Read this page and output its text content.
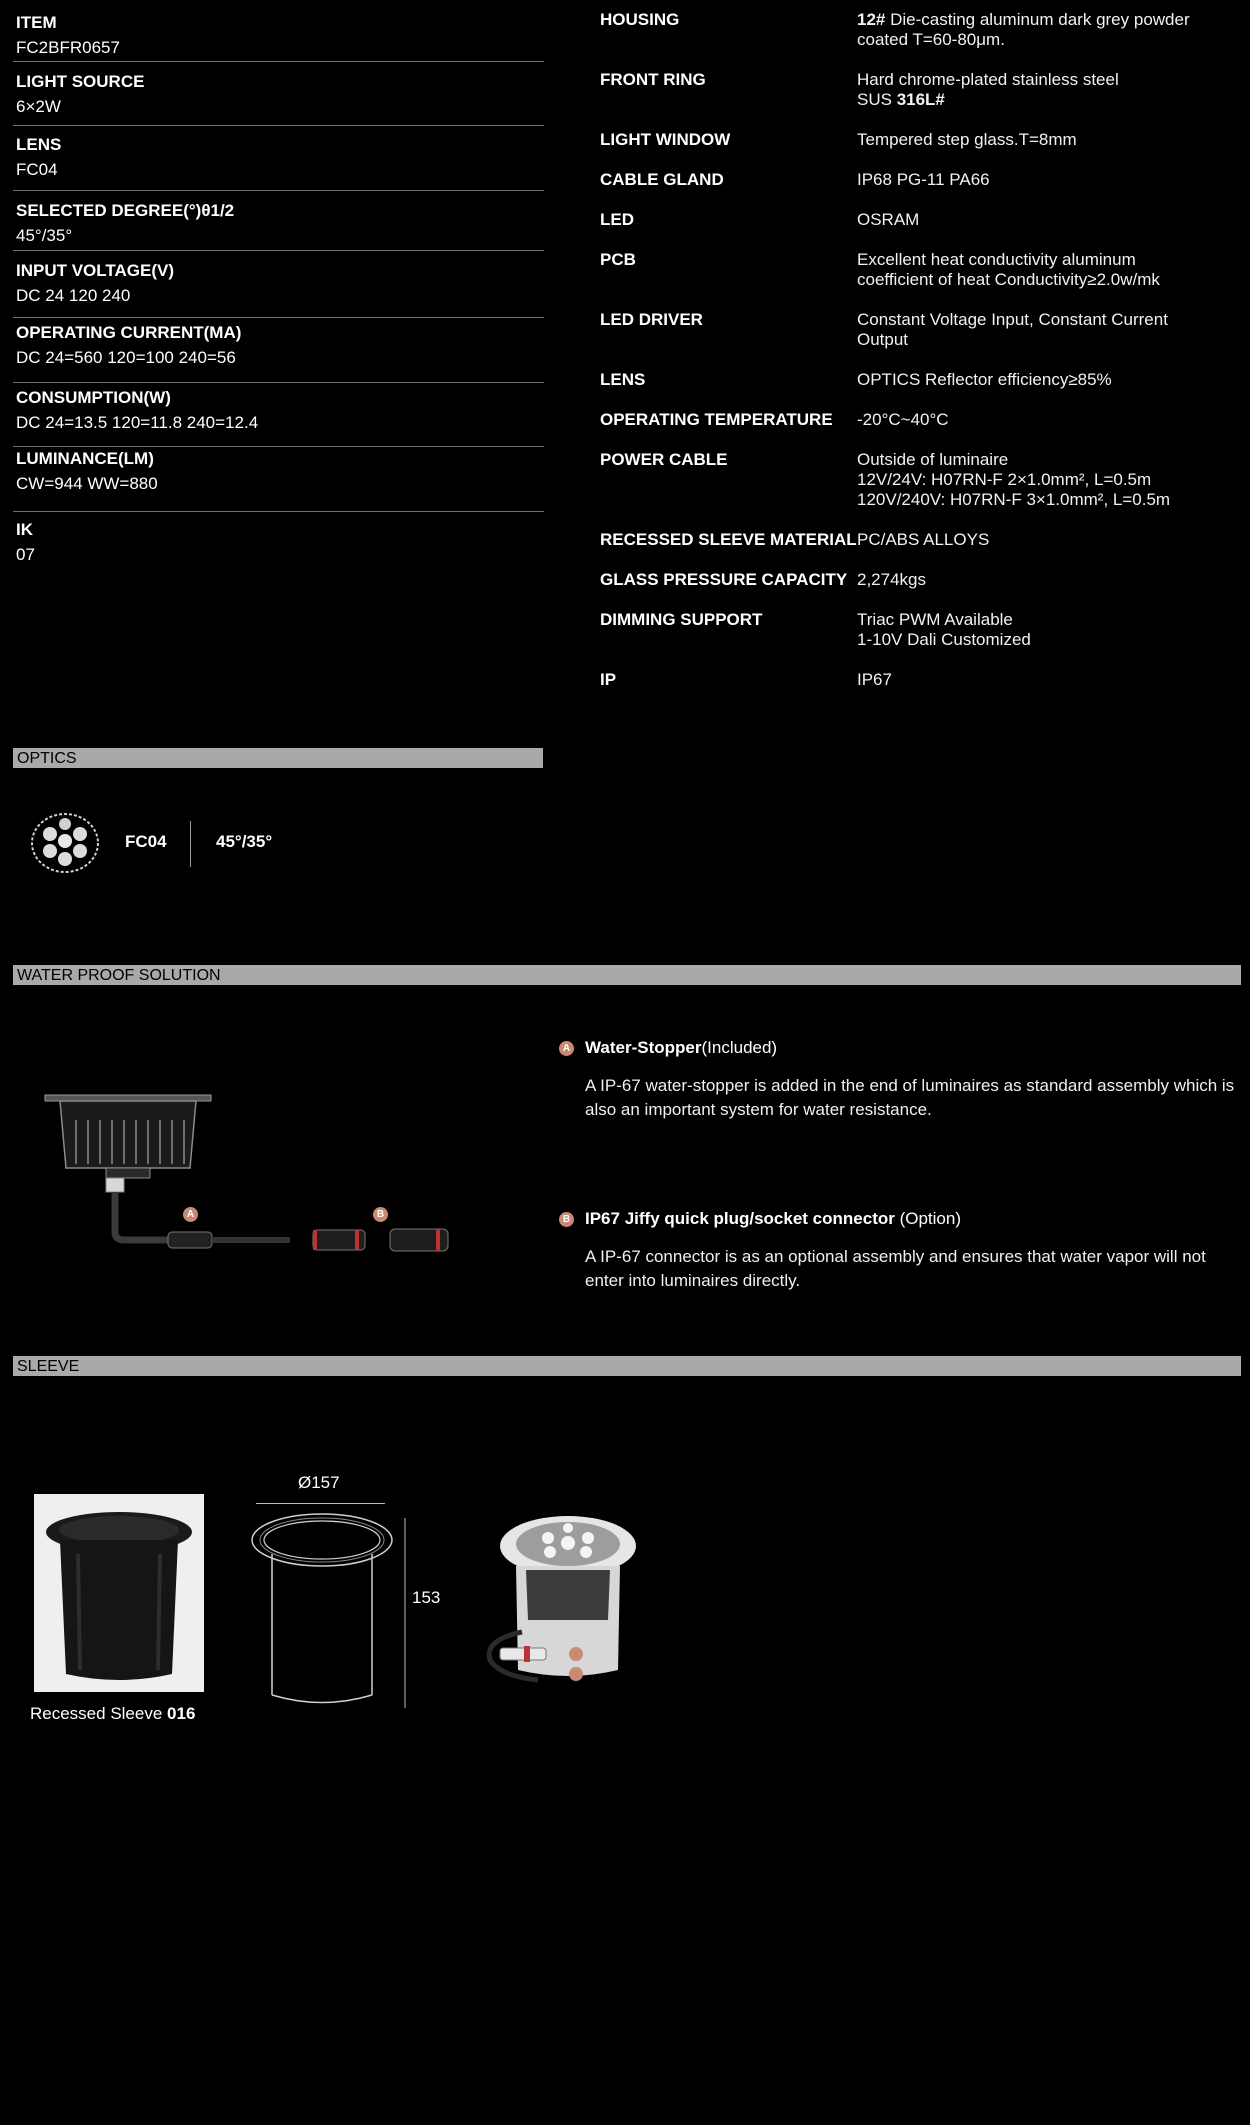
ITEM
FC2BFR0657
LIGHT SOURCE
6×2W
LENS
FC04
SELECTED DEGREE(°)θ1/2
45°/35°
INPUT VOLTAGE(V)
DC 24 120 240
OPERATING CURRENT(MA)
DC 24=560 120=100 240=56
CONSUMPTION(W)
DC 24=13.5 120=11.8 240=12.4
LUMINANCE(LM)
CW=944 WW=880
IK
07
HOUSING	12# Die-casting aluminum dark grey powder
coated T=60-80μm.
FRONT RING	Hard chrome-plated stainless steel
SUS 316L#
LIGHT WINDOW	Tempered step glass.T=8mm
CABLE GLAND	IP68 PG-11 PA66
LED	OSRAM
PCB	Excellent heat conductivity aluminum
coefficient of heat Conductivity≥2.0w/mk
LED DRIVER	Constant Voltage Input, Constant Current
Output
LENS	OPTICS Reflector efficiency≥85%
OPERATING TEMPERATURE -20°C~40°C
POWER CABLE	Outside of luminaire
12V/24V: H07RN-F 2×1.0mm², L=0.5m
120V/240V: H07RN-F 3×1.0mm², L=0.5m
RECESSED SLEEVE MATERIAL PC/ABS ALLOYS
GLASS PRESSURE CAPACITY 2,274kgs
DIMMING SUPPORT	Triac PWM Available
1-10V Dali Customized
IP	IP67
OPTICS
FC04	45°/35°
WATER PROOF SOLUTION
A	B
A Water-Stopper(Included)
A IP-67 water-stopper is added in the end of luminaires as standard assembly which is also an important system for water resistance.
B IP67 Jiffy quick plug/socket connector (Option)
A IP-67 connector is as an optional assembly and ensures that water vapor will not enter into luminaires directly.
SLEEVE
Recessed Sleeve 016
Ø157
153
